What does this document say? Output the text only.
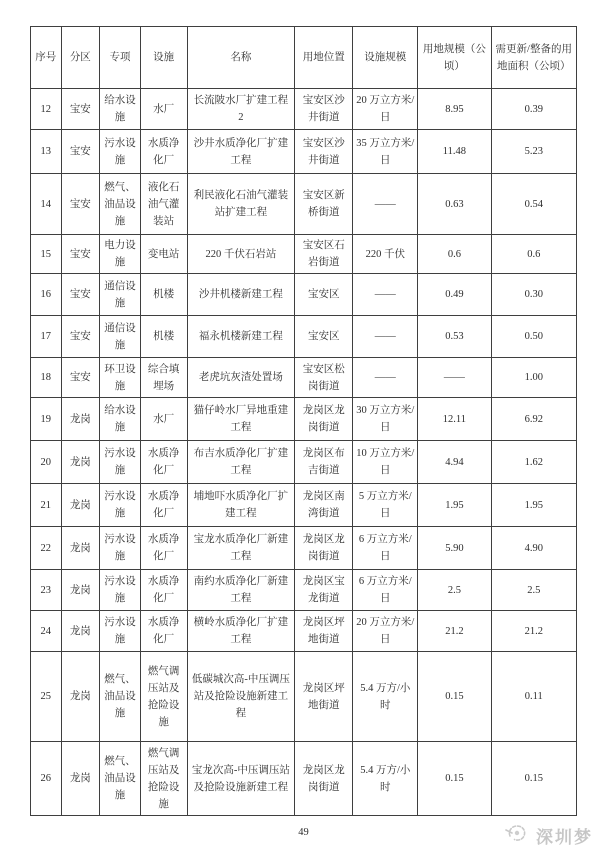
序号	分区	专项	设施	名称	用地位置	设施规模	用地规模（公顷）	需更新/整备的用地面积（公顷）
12	宝安	给水设施	水厂	长流陂水厂扩建工程 2	宝安区沙井街道	20 万立方米/日	8.95	0.39
13	宝安	污水设施	水质净化厂	沙井水质净化厂扩建工程	宝安区沙井街道	35 万立方米/日	11.48	5.23
14	宝安	燃气、油品设施	液化石油气灌装站	利民液化石油气灌装站扩建工程	宝安区新桥街道	——	0.63	0.54
15	宝安	电力设施	变电站	220 千伏石岩站	宝安区石岩街道	220 千伏	0.6	0.6
16	宝安	通信设施	机楼	沙井机楼新建工程	宝安区	——	0.49	0.30
17	宝安	通信设施	机楼	福永机楼新建工程	宝安区	——	0.53	0.50
18	宝安	环卫设施	综合填埋场	老虎坑灰渣处置场	宝安区松岗街道	——	——	1.00
19	龙岗	给水设施	水厂	猫仔岭水厂异地重建工程	龙岗区龙岗街道	30 万立方米/日	12.11	6.92
20	龙岗	污水设施	水质净化厂	布吉水质净化厂扩建工程	龙岗区布吉街道	10 万立方米/日	4.94	1.62
21	龙岗	污水设施	水质净化厂	埔地吓水质净化厂扩建工程	龙岗区南湾街道	5 万立方米/日	1.95	1.95
22	龙岗	污水设施	水质净化厂	宝龙水质净化厂新建工程	龙岗区龙岗街道	6 万立方米/日	5.90	4.90
23	龙岗	污水设施	水质净化厂	南约水质净化厂新建工程	龙岗区宝龙街道	6 万立方米/日	2.5	2.5
24	龙岗	污水设施	水质净化厂	横岭水质净化厂扩建工程	龙岗区坪地街道	20 万立方米/日	21.2	21.2
25	龙岗	燃气、油品设施	燃气调压站及抢险设施	低碳城次高-中压调压站及抢险设施新建工程	龙岗区坪地街道	5.4 万方/小时	0.15	0.11
26	龙岗	燃气、油品设施	燃气调压站及抢险设施	宝龙次高-中压调压站及抢险设施新建工程	龙岗区龙岗街道	5.4 万方/小时	0.15	0.15
49	深圳梦
